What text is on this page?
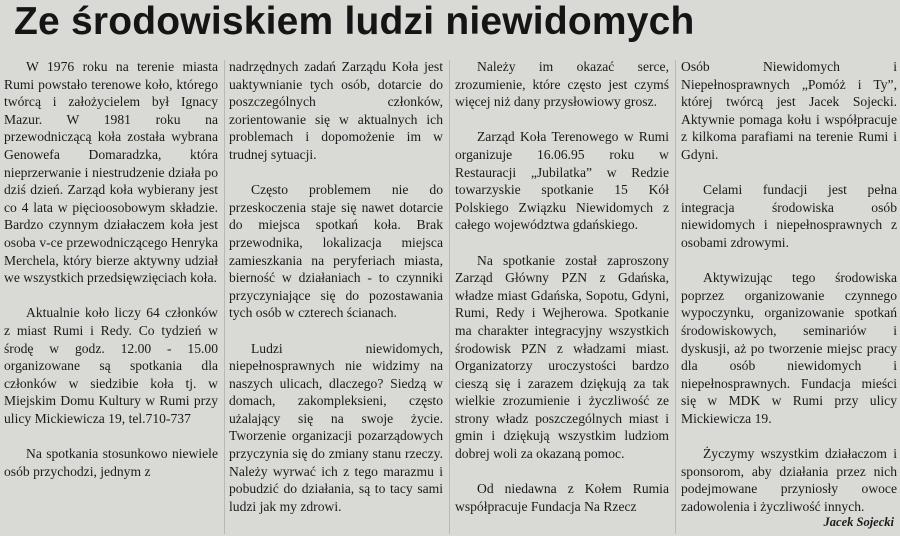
Ze środowiskiem ludzi niewidomych

W 1976 roku na terenie miasta Rumi powstało terenowe koło, którego twórcą i założycielem był Ignacy Mazur. W 1981 roku na przewodniczącą koła została wybrana Genowefa Domaradzka, która nieprzerwanie i niestrudzenie działa po dziś dzień. Zarząd koła wybierany jest co 4 lata w pięcioosobowym składzie. Bardzo czynnym działaczem koła jest osoba v-ce przewodniczącego Henryka Merchela, który bierze aktywny udział we wszystkich przedsięwzięciach koła.

Aktualnie koło liczy 64 członków z miast Rumi i Redy. Co tydzień w środę w godz. 12.00 - 15.00 organizowane są spotkania dla członków w siedzibie koła tj. w Miejskim Domu Kultury w Rumi przy ulicy Mickiewicza 19, tel.710-737

Na spotkania stosunkowo niewiele osób przychodzi, jednym z

nadrzędnych zadań Zarządu Koła jest uaktywnianie tych osób, dotarcie do poszczególnych członków, zorientowanie się w aktualnych ich problemach i dopomożenie im w trudnej sytuacji.

Często problemem nie do przeskoczenia staje się nawet dotarcie do miejsca spotkań koła. Brak przewodnika, lokalizacja miejsca zamieszkania na peryferiach miasta, bierność w działaniach - to czynniki przyczyniające się do pozostawania tych osób w czterech ścianach.

Ludzi niewidomych, niepełnosprawnych nie widzimy na naszych ulicach, dlaczego? Siedzą w domach, zakompleksieni, często użalający się na swoje życie. Tworzenie organizacji pozarządowych przyczynia się do zmiany stanu rzeczy. Należy wyrwać ich z tego marazmu i pobudzić do działania, są to tacy sami ludzi jak my zdrowi.

Należy im okazać serce, zrozumienie, które często jest czymś więcej niż dany przysłowiowy grosz.

Zarząd Koła Terenowego w Rumi organizuje 16.06.95 roku w Restauracji „Jubilatka” w Redzie towarzyskie spotkanie 15 Kół Polskiego Związku Niewidomych z całego województwa gdańskiego.

Na spotkanie został zaproszony Zarząd Główny PZN z Gdańska, władze miast Gdańska, Sopotu, Gdyni, Rumi, Redy i Wejherowa. Spotkanie ma charakter integracyjny wszystkich środowisk PZN z władzami miast. Organizatorzy uroczystości bardzo cieszą się i zarazem dziękują za tak wielkie zrozumienie i życzliwość ze strony władz poszczególnych miast i gmin i dziękują wszystkim ludziom dobrej woli za okazaną pomoc.

Od niedawna z Kołem Rumia współpracuje Fundacja Na Rzecz

Osób Niewidomych i Niepełnosprawnych „Pomóż i Ty”, której twórcą jest Jacek Sojecki. Aktywnie pomaga kołu i współpracuje z kilkoma parafiami na terenie Rumi i Gdyni.

Celami fundacji jest pełna integracja środowiska osób niewidomych i niepełnosprawnych z osobami zdrowymi.

Aktywizując tego środowiska poprzez organizowanie czynnego wypoczynku, organizowanie spotkań środowiskowych, seminariów i dyskusji, aż po tworzenie miejsc pracy dla osób niewidomych i niepełnosprawnych. Fundacja mieści się w MDK w Rumi przy ulicy Mickiewicza 19.

Życzymy wszystkim działaczom i sponsorom, aby działania przez nich podejmowane przyniosły owoce zadowolenia i życzliwość innych.

Jacek Sojecki
